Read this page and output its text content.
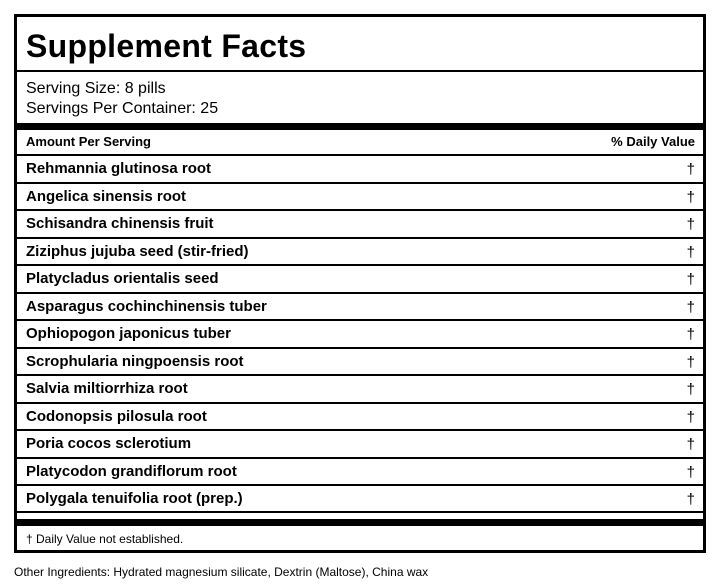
Supplement Facts
Serving Size: 8 pills
Servings Per Container: 25
Amount Per Serving	% Daily Value
Rehmannia glutinosa root	†
Angelica sinensis root	†
Schisandra chinensis fruit	†
Ziziphus jujuba seed (stir-fried)	†
Platycladus orientalis seed	†
Asparagus cochinchinensis tuber	†
Ophiopogon japonicus tuber	†
Scrophularia ningpoensis root	†
Salvia miltiorrhiza root	†
Codonopsis pilosula root	†
Poria cocos sclerotium	†
Platycodon grandiflorum root	†
Polygala tenuifolia root (prep.)	†
† Daily Value not established.
Other Ingredients: Hydrated magnesium silicate, Dextrin (Maltose), China wax
